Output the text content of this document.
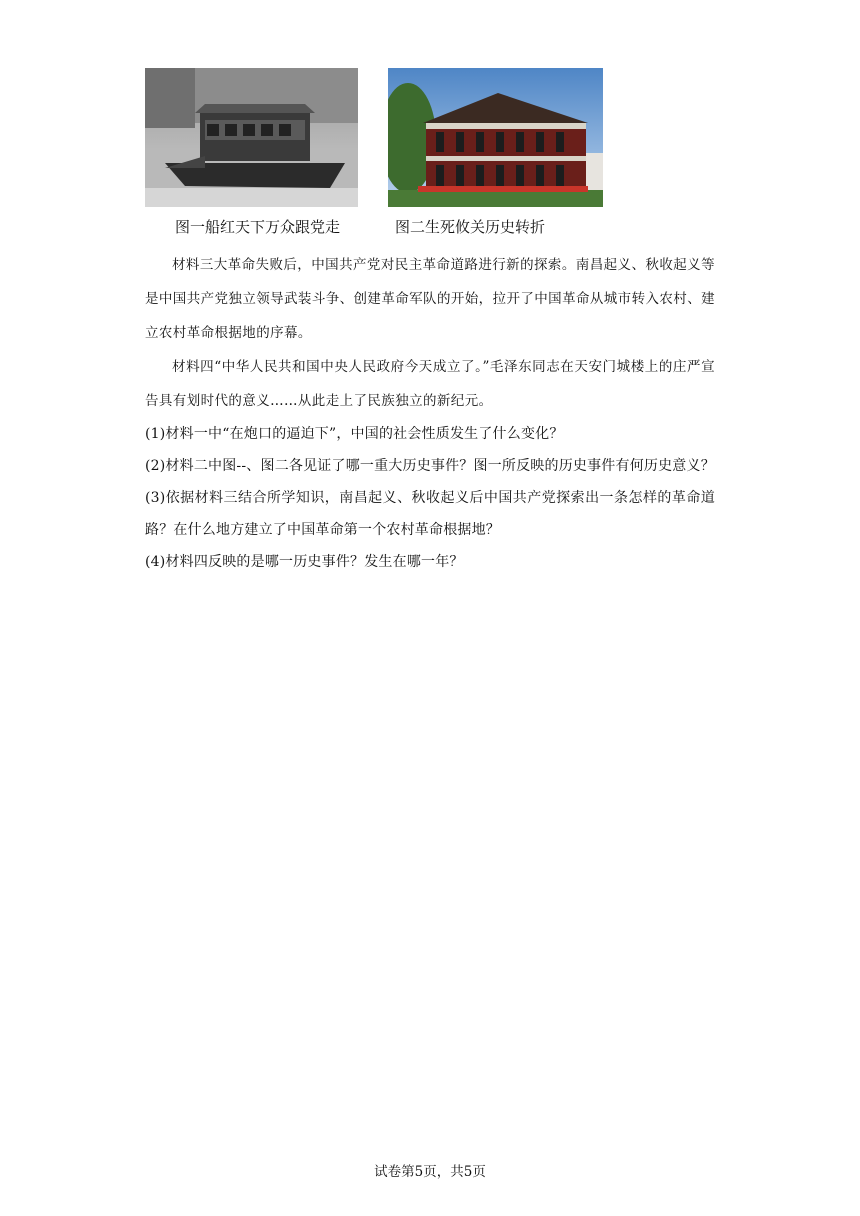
图一船红天下万众跟党走	图二生死攸关历史转折

材料三大革命失败后，中国共产党对民主革命道路进行新的探索。南昌起义、秋收起义等是中国共产党独立领导武装斗争、创建革命军队的开始，拉开了中国革命从城市转入农村、建立农村革命根据地的序幕。

材料四“中华人民共和国中央人民政府今天成立了。”毛泽东同志在天安门城楼上的庄严宣告具有划时代的意义……从此走上了民族独立的新纪元。

(1)材料一中“在炮口的逼迫下”，中国的社会性质发生了什么变化？

(2)材料二中图--、图二各见证了哪一重大历史事件？图一所反映的历史事件有何历史意义？

(3)依据材料三结合所学知识，南昌起义、秋收起义后中国共产党探索出一条怎样的革命道路？在什么地方建立了中国革命第一个农村革命根据地？

(4)材料四反映的是哪一历史事件？发生在哪一年？

试卷第5页，共5页
